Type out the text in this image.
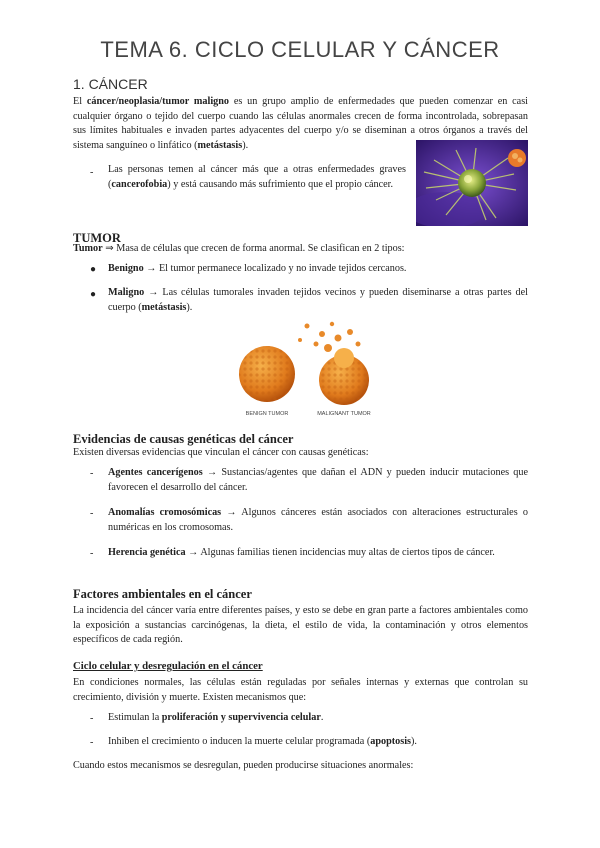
TEMA 6. CICLO CELULAR Y CÁNCER
1. CÁNCER
El cáncer/neoplasia/tumor maligno es un grupo amplio de enfermedades que pueden comenzar en casi cualquier órgano o tejido del cuerpo cuando las células anormales crecen de forma incontrolada, sobrepasan sus límites habituales e invaden partes adyacentes del cuerpo y/o se diseminan a otros órganos a través del sistema sanguíneo o linfático (metástasis).
- Las personas temen al cáncer más que a otras enfermedades graves (cancerofobia) y está causando más sufrimiento que el propio cáncer.
TUMOR
Tumor ⇒ Masa de células que crecen de forma anormal. Se clasifican en 2 tipos:
● Benigno → El tumor permanece localizado y no invade tejidos cercanos.
● Maligno → Las células tumorales invaden tejidos vecinos y pueden diseminarse a otras partes del cuerpo (metástasis).
BENIGN TUMOR	MALIGNANT TUMOR
Evidencias de causas genéticas del cáncer
Existen diversas evidencias que vinculan el cáncer con causas genéticas:
- Agentes cancerígenos → Sustancias/agentes que dañan el ADN y pueden inducir mutaciones que favorecen el desarrollo del cáncer.
- Anomalías cromosómicas → Algunos cánceres están asociados con alteraciones estructurales o numéricas en los cromosomas.
- Herencia genética → Algunas familias tienen incidencias muy altas de ciertos tipos de cáncer.
Factores ambientales en el cáncer
La incidencia del cáncer varía entre diferentes países, y esto se debe en gran parte a factores ambientales como la exposición a sustancias carcinógenas, la dieta, el estilo de vida, la contaminación y otros elementos específicos de cada región.
Ciclo celular y desregulación en el cáncer
En condiciones normales, las células están reguladas por señales internas y externas que controlan su crecimiento, división y muerte. Existen mecanismos que:
- Estimulan la proliferación y supervivencia celular.
- Inhiben el crecimiento o inducen la muerte celular programada (apoptosis).
Cuando estos mecanismos se desregulan, pueden producirse situaciones anormales:
